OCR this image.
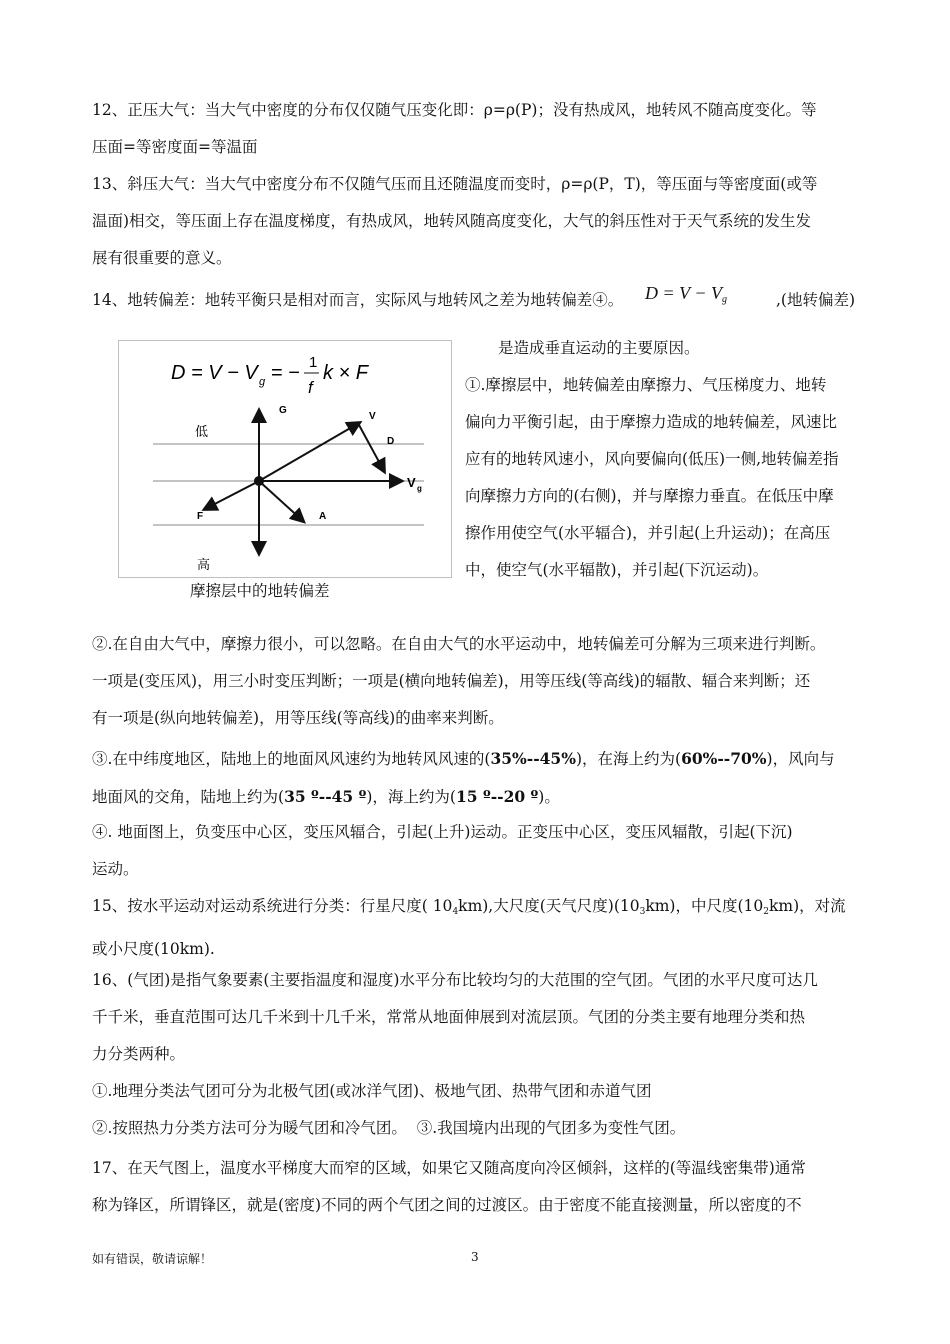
12、正压大气：当大气中密度的分布仅仅随气压变化即：ρ=ρ(P)；没有热成风，地转风不随高度变化。等
压面=等密度面=等温面
13、斜压大气：当大气中密度分布不仅随气压而且还随温度而变时，ρ=ρ(P，T)，等压面与等密度面(或等
温面)相交，等压面上存在温度梯度，有热成风，地转风随高度变化，大气的斜压性对于天气系统的发生发
展有很重要的意义。
14、地转偏差：地转平衡只是相对而言，实际风与地转风之差为地转偏差④。	$D = V - V_g$	,(地转偏差)
D = V − V g = − 1
f
k × F
G
V
D
V g
F	A
低
高
摩擦层中的地转偏差
是造成垂直运动的主要原因。
①.摩擦层中，地转偏差由摩擦力、气压梯度力、地转
偏向力平衡引起，由于摩擦力造成的地转偏差，风速比
应有的地转风速小，风向要偏向(低压)一侧,地转偏差指
向摩擦力方向的(右侧)，并与摩擦力垂直。在低压中摩
擦作用使空气(水平辐合)，并引起(上升运动)；在高压
中，使空气(水平辐散)，并引起(下沉运动)。
②.在自由大气中，摩擦力很小，可以忽略。在自由大气的水平运动中，地转偏差可分解为三项来进行判断。
一项是(变压风)，用三小时变压判断；一项是(横向地转偏差)，用等压线(等高线)的辐散、辐合来判断；还
有一项是(纵向地转偏差)，用等压线(等高线)的曲率来判断。
③.在中纬度地区，陆地上的地面风风速约为地转风风速的(35%--45%)，在海上约为(60%--70%)，风向与
地面风的交角，陆地上约为(35 º--45 º)，海上约为(15 º--20 º)。
④. 地面图上，负变压中心区，变压风辐合，引起(上升)运动。正变压中心区，变压风辐散，引起(下沉)
运动。
15、按水平运动对运动系统进行分类：行星尺度( $10_4km$),大尺度(天气尺度)$(10_3km)$，中尺度$(10_2km)$，对流
或小尺度(10km).
16、(气团)是指气象要素(主要指温度和湿度)水平分布比较均匀的大范围的空气团。气团的水平尺度可达几
千千米，垂直范围可达几千米到十几千米，常常从地面伸展到对流层顶。气团的分类主要有地理分类和热
力分类两种。
①.地理分类法气团可分为北极气团(或冰洋气团)、极地气团、热带气团和赤道气团
②.按照热力分类方法可分为暖气团和冷气团。  ③.我国境内出现的气团多为变性气团。
17、在天气图上，温度水平梯度大而窄的区域，如果它又随高度向冷区倾斜，这样的(等温线密集带)通常
称为锋区，所谓锋区，就是(密度)不同的两个气团之间的过渡区。由于密度不能直接测量，所以密度的不
如有错误，敬请谅解！	3
